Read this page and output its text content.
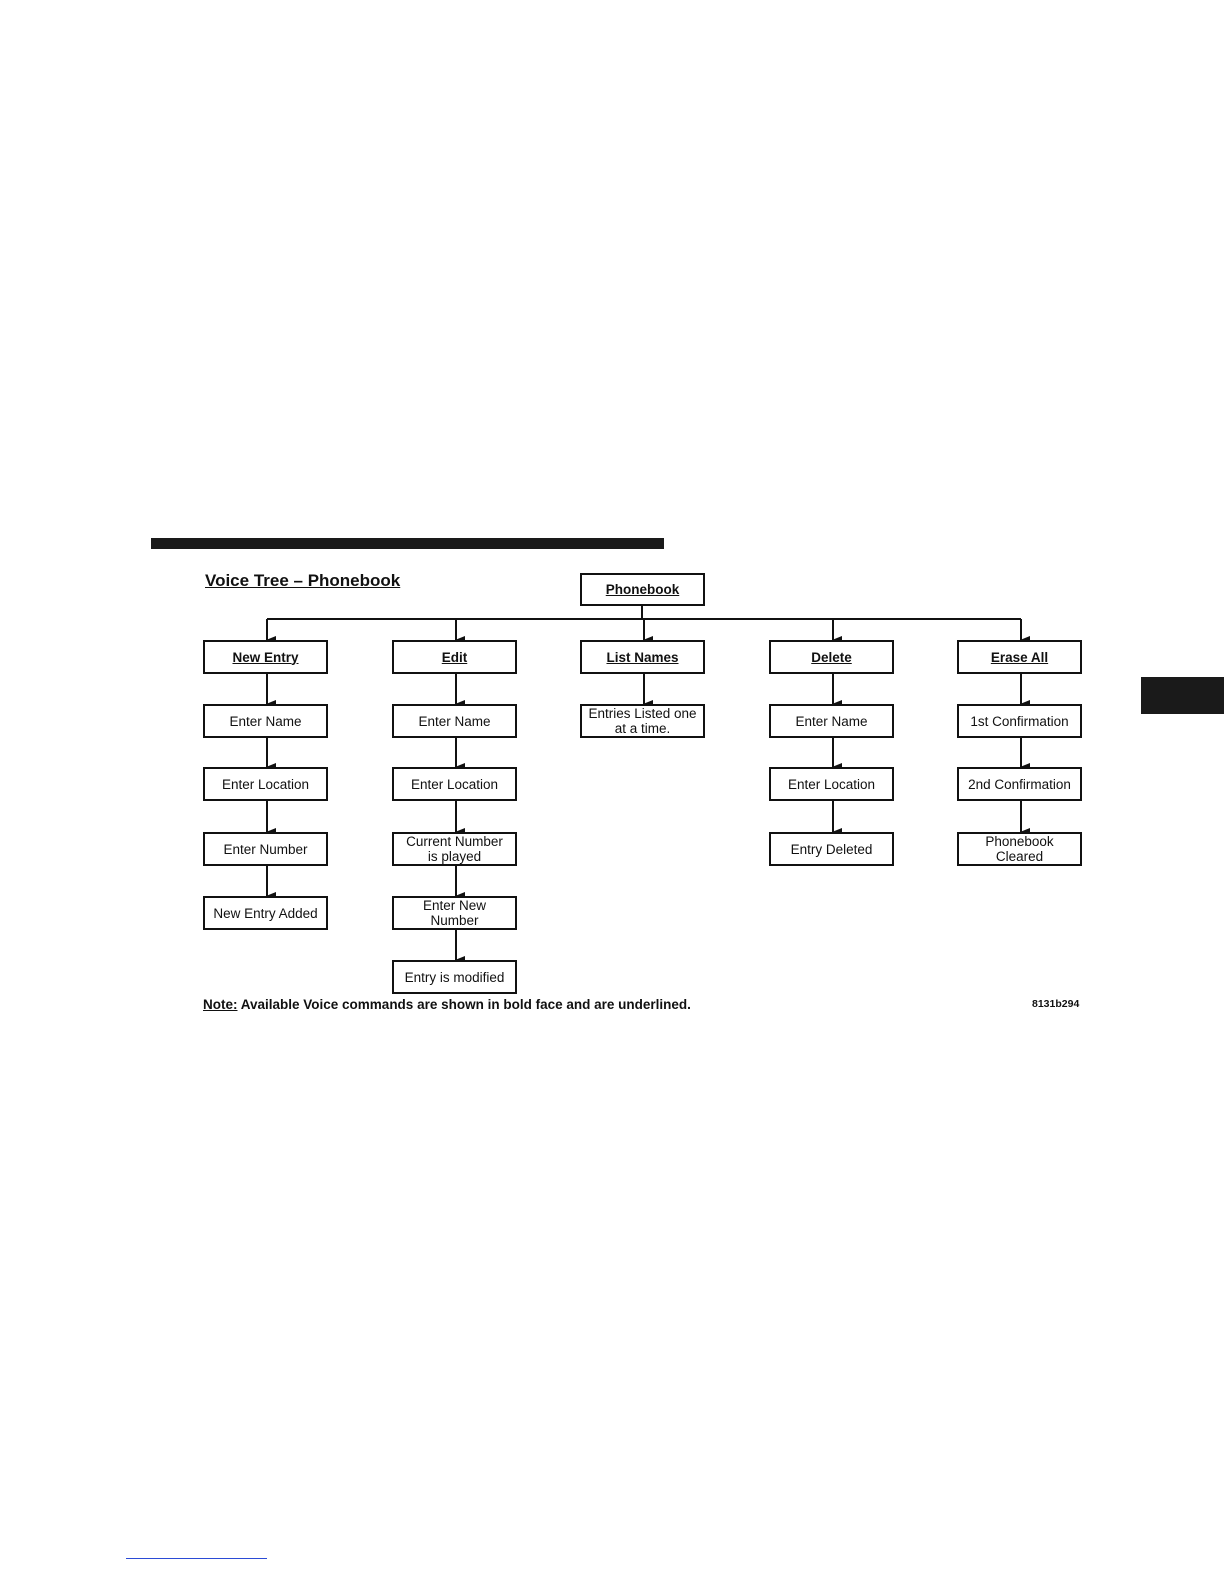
Voice Tree – Phonebook	Phonebook
New Entry
Enter Name
Enter Location
Enter Number
New Entry Added
Edit
Enter Name
Enter Location
Current Number
is played
Enter New
Number
Entry is modified
List Names
Entries Listed one
at a time.
Delete
Enter Name
Enter Location
Entry Deleted
Erase All
1st Confirmation
2nd Confirmation
Phonebook
Cleared
Note: Available Voice commands are shown in bold face and are underlined.	8131b294
